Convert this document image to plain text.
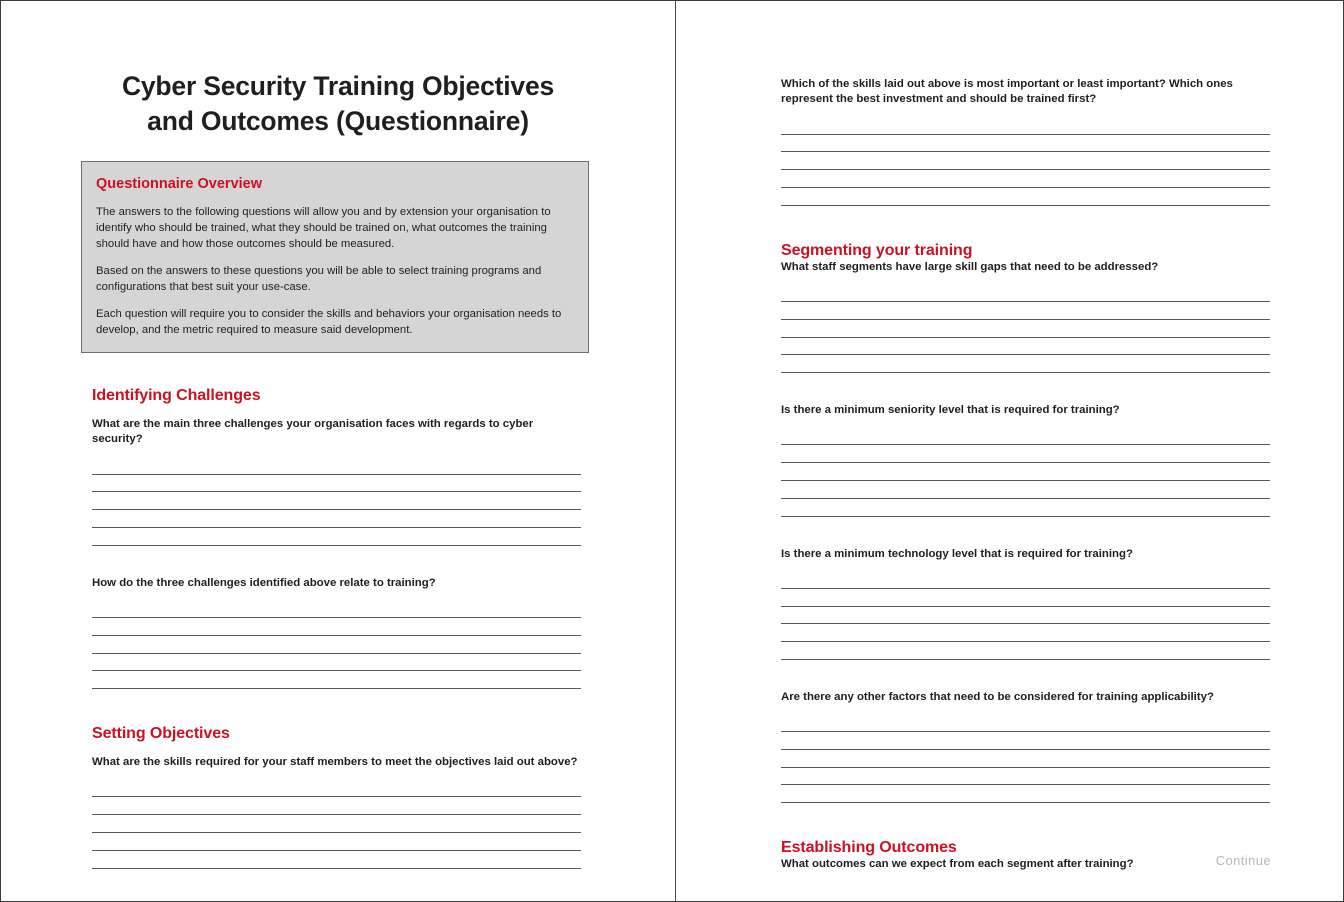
Cyber Security Training Objectives
and Outcomes (Questionnaire)
Questionnaire Overview

The answers to the following questions will allow you and by extension your organisation to identify who should be trained, what they should be trained on, what outcomes the training should have and how those outcomes should be measured.

Based on the answers to these questions you will be able to select training programs and configurations that best suit your use-case.

Each question will require you to consider the skills and behaviors your organisation needs to develop, and the metric required to measure said development.

Identifying Challenges

What are the main three challenges your organisation faces with regards to cyber security?

How do the three challenges identified above relate to training?

Setting Objectives

What are the skills required for your staff members to meet the objectives laid out above?

Which of the skills laid out above is most important or least important? Which ones represent the best investment and should be trained first?

Segmenting your training

What staff segments have large skill gaps that need to be addressed?

Is there a minimum seniority level that is required for training?

Is there a minimum technology level that is required for training?

Are there any other factors that need to be considered for training applicability?

Establishing Outcomes

What outcomes can we expect from each segment after training?	Continue
